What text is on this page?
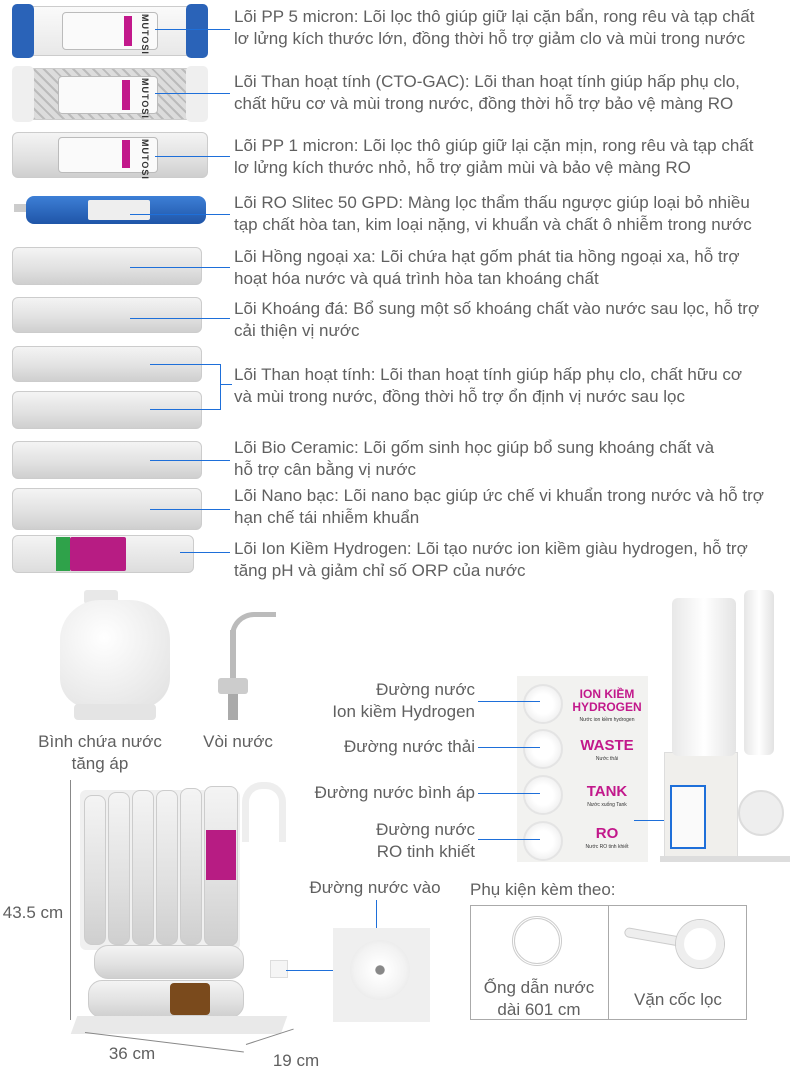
MUTOSI
MUTOSI
MUTOSI
Lõi PP 5 micron: Lõi lọc thô giúp giữ lại cặn bẩn, rong rêu và tạp chất
lơ lửng kích thước lớn, đồng thời hỗ trợ giảm clo và mùi trong nước
Lõi Than hoạt tính (CTO-GAC): Lõi than hoạt tính giúp hấp phụ clo,
chất hữu cơ và mùi trong nước, đồng thời hỗ trợ bảo vệ màng RO
Lõi PP 1 micron: Lõi lọc thô giúp giữ lại cặn mịn, rong rêu và tạp chất
lơ lửng kích thước nhỏ, hỗ trợ giảm mùi và bảo vệ màng RO
Lõi RO Slitec 50 GPD: Màng lọc thẩm thấu ngược giúp loại bỏ nhiều
tạp chất hòa tan, kim loại nặng, vi khuẩn và chất ô nhiễm trong nước
Lõi Hồng ngoại xa: Lõi chứa hạt gốm phát tia hồng ngoại xa, hỗ trợ
hoạt hóa nước và quá trình hòa tan khoáng chất
Lõi Khoáng đá: Bổ sung một số khoáng chất vào nước sau lọc, hỗ trợ
cải thiện vị nước
Lõi Than hoạt tính: Lõi than hoạt tính giúp hấp phụ clo, chất hữu cơ
và mùi trong nước, đồng thời hỗ trợ ổn định vị nước sau lọc
Lõi Bio Ceramic: Lõi gốm sinh học giúp bổ sung khoáng chất và
hỗ trợ cân bằng vị nước
Lõi Nano bạc: Lõi nano bạc giúp ức chế vi khuẩn trong nước và hỗ trợ
hạn chế tái nhiễm khuẩn
Lõi Ion Kiềm Hydrogen: Lõi tạo nước ion kiềm giàu hydrogen, hỗ trợ
tăng pH và giảm chỉ số ORP của nước
Bình chứa nước
tăng áp
Vòi nước
Đường nước
Ion kiềm Hydrogen
Đường nước thải
Đường nước bình áp
Đường nước
RO tinh khiết
ION KIỀM
HYDROGEN
Nước ion kiềm hydrogen
WASTE
Nước thải
TANK
Nước xuống Tank
RO
Nước RO tinh khiết
43.5 cm
36 cm	19 cm
Đường nước vào	Phụ kiện kèm theo:
Ống dẫn nước
dài 601 cm
Vặn cốc lọc
